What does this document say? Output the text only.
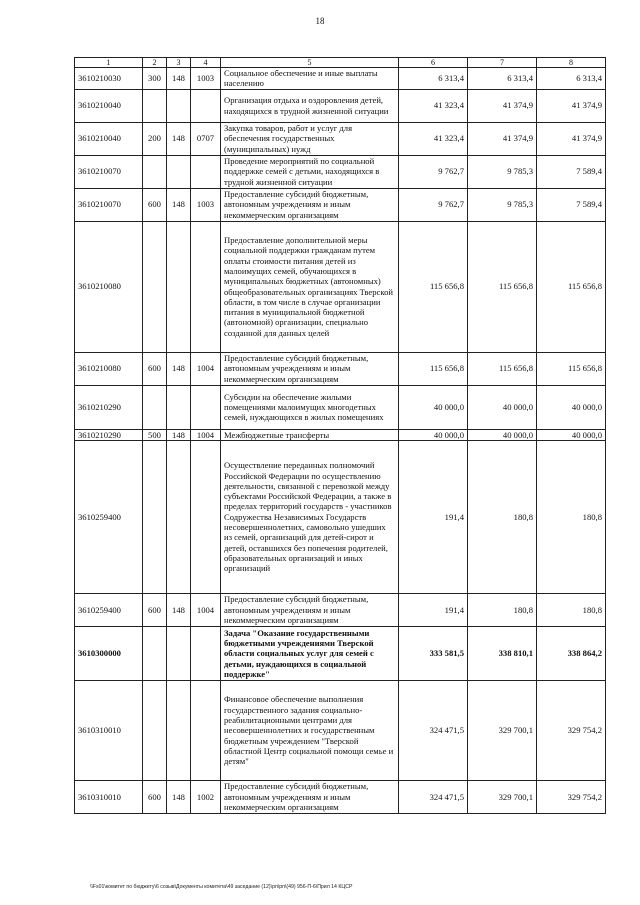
18
1	2	3	4	5	6	7	8
3610210030	300	148	1003	Социальное обеспечение и иные выплаты населению	6 313,4	6 313,4	6 313,4
3610210040				Организация отдыха и оздоровления детей, находящихся в трудной жизненной ситуации	41 323,4	41 374,9	41 374,9
3610210040	200	148	0707	Закупка товаров, работ и услуг для обеспечения государственных (муниципальных) нужд	41 323,4	41 374,9	41 374,9
3610210070				Проведение мероприятий по социальной поддержке семей с детьми, находящихся в трудной жизненной ситуации	9 762,7	9 785,3	7 589,4
3610210070	600	148	1003	Предоставление субсидий бюджетным, автономным учреждениям и иным некоммерческим организациям	9 762,7	9 785,3	7 589,4
3610210080				Предоставление дополнительной меры социальной поддержки гражданам путем оплаты стоимости питания детей из малоимущих семей, обучающихся в муниципальных бюджетных (автономных) общеобразовательных организациях Тверской области, в том числе в случае организации питания в муниципальной бюджетной (автономной) организации, специально созданной для данных целей	115 656,8	115 656,8	115 656,8
3610210080	600	148	1004	Предоставление субсидий бюджетным, автономным учреждениям и иным некоммерческим организациям	115 656,8	115 656,8	115 656,8
3610210290				Субсидии на обеспечение жилыми помещениями малоимущих многодетных семей, нуждающихся в жилых помещениях	40 000,0	40 000,0	40 000,0
3610210290	500	148	1004	Межбюджетные трансферты	40 000,0	40 000,0	40 000,0
3610259400				Осуществление переданных полномочий Российской Федерации по осуществлению деятельности, связанной с перевозкой между субъектами Российской Федерации, а также в пределах территорий государств - участников Содружества Независимых Государств несовершеннолетних, самовольно ушедших из семей, организаций для детей-сирот и детей, оставшихся без попечения родителей, образовательных организаций и иных организаций	191,4	180,8	180,8
3610259400	600	148	1004	Предоставление субсидий бюджетным, автономным учреждениям и иным некоммерческим организациям	191,4	180,8	180,8
3610300000				Задача "Оказание государственными бюджетными учреждениями Тверской области социальных услуг для семей с детьми, нуждающихся в социальной поддержке"	333 581,5	338 810,1	338 864,2
3610310010				Финансовое обеспечение выполнения государственного задания социально-реабилитационными центрами для несовершеннолетних и государственным бюджетным учреждением "Тверской областной Центр социальной помощи семье и детям"	324 471,5	329 700,1	329 754,2
3610310010	600	148	1002	Предоставление субсидий бюджетным, автономным учреждениям и иным некоммерческим организациям	324 471,5	329 700,1	329 754,2
\\Fs01\комитет по бюджету\6 созыв\Документы комитета\49 заседание (12)\рп\рп\(49) 956-П-6\Прил 14 КЦСР
